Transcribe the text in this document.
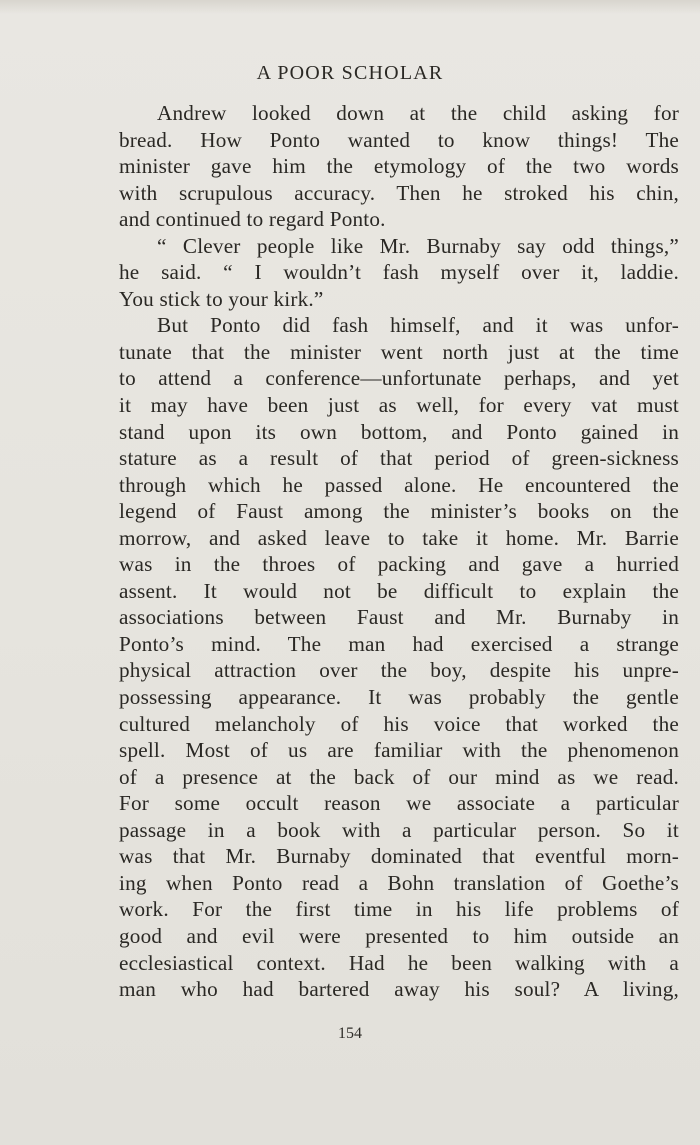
A POOR SCHOLAR
Andrew looked down at the child asking for
bread. How Ponto wanted to know things! The
minister gave him the etymology of the two words
with scrupulous accuracy. Then he stroked his chin,
and continued to regard Ponto.
“ Clever people like Mr. Burnaby say odd things,”
he said. “ I wouldn’t fash myself over it, laddie.
You stick to your kirk.”
But Ponto did fash himself, and it was unfor-
tunate that the minister went north just at the time
to attend a conference—unfortunate perhaps, and yet
it may have been just as well, for every vat must
stand upon its own bottom, and Ponto gained in
stature as a result of that period of green-sickness
through which he passed alone. He encountered the
legend of Faust among the minister’s books on the
morrow, and asked leave to take it home. Mr. Barrie
was in the throes of packing and gave a hurried
assent. It would not be difficult to explain the
associations between Faust and Mr. Burnaby in
Ponto’s mind. The man had exercised a strange
physical attraction over the boy, despite his unpre-
possessing appearance. It was probably the gentle
cultured melancholy of his voice that worked the
spell. Most of us are familiar with the phenomenon
of a presence at the back of our mind as we read.
For some occult reason we associate a particular
passage in a book with a particular person. So it
was that Mr. Burnaby dominated that eventful morn-
ing when Ponto read a Bohn translation of Goethe’s
work. For the first time in his life problems of
good and evil were presented to him outside an
ecclesiastical context. Had he been walking with a
man who had bartered away his soul? A living,
154
